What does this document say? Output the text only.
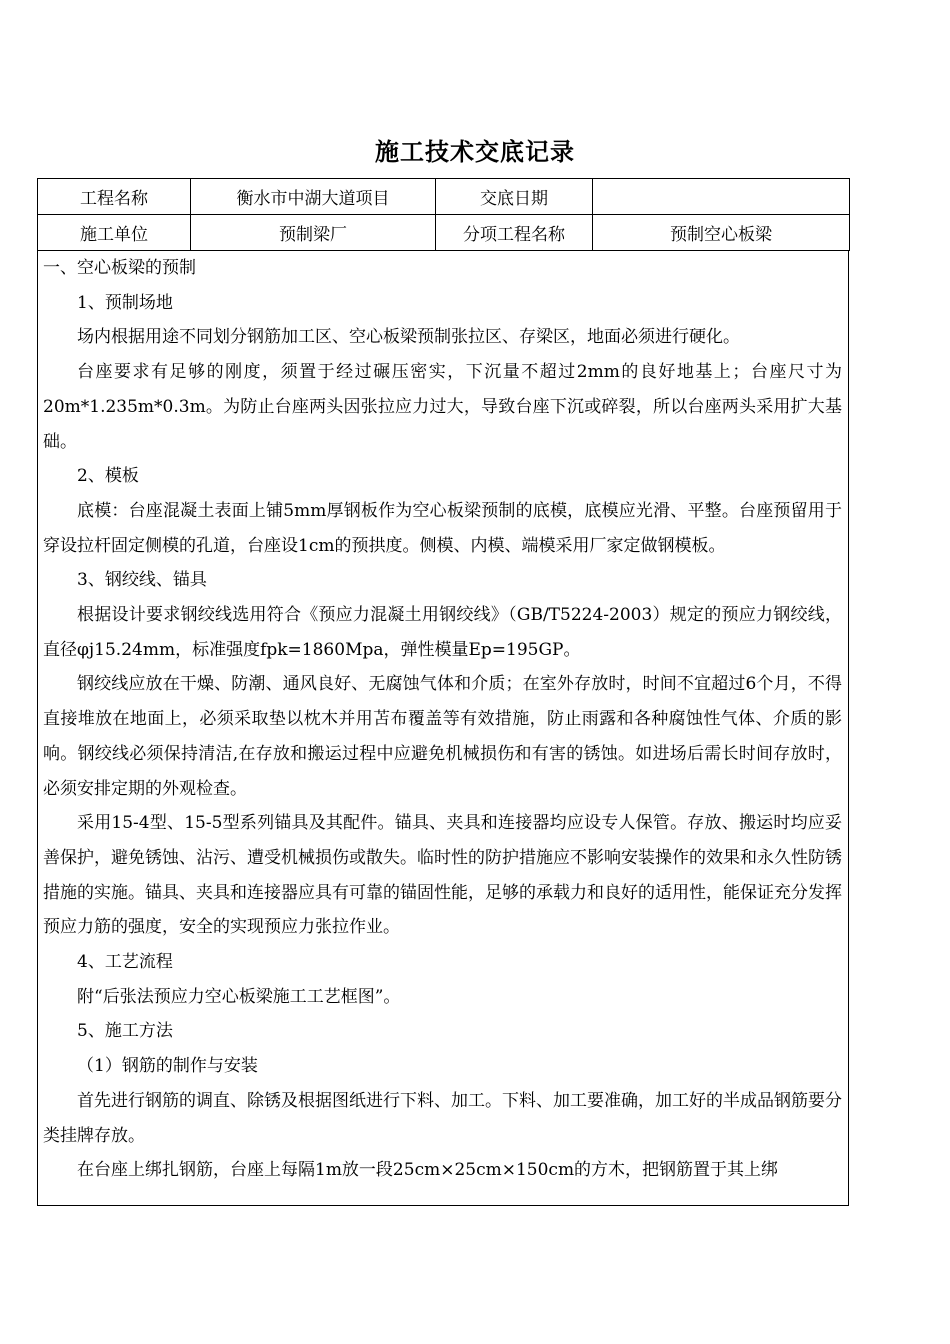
施工技术交底记录
工程名称	衡水市中湖大道项目	交底日期	
施工单位	预制梁厂	分项工程名称	预制空心板梁

一、空心板梁的预制

1、预制场地

场内根据用途不同划分钢筋加工区、空心板梁预制张拉区、存梁区，地面必须进行硬化。

台座要求有足够的刚度，须置于经过碾压密实，下沉量不超过2mm的良好地基上；台座尺寸为20m*1.235m*0.3m。为防止台座两头因张拉应力过大，导致台座下沉或碎裂，所以台座两头采用扩大基础。

2、模板

底模：台座混凝土表面上铺5mm厚钢板作为空心板梁预制的底模，底模应光滑、平整。台座预留用于穿设拉杆固定侧模的孔道，台座设1cm的预拱度。侧模、内模、端模采用厂家定做钢模板。

3、钢绞线、锚具

根据设计要求钢绞线选用符合《预应力混凝土用钢绞线》（GB/T5224-2003）规定的预应力钢绞线，直径φj15.24mm，标准强度fpk=1860Mpa，弹性模量Ep=195GP。

钢绞线应放在干燥、防潮、通风良好、无腐蚀气体和介质；在室外存放时，时间不宜超过6个月，不得直接堆放在地面上，必须采取垫以枕木并用苫布覆盖等有效措施，防止雨露和各种腐蚀性气体、介质的影响。钢绞线必须保持清洁,在存放和搬运过程中应避免机械损伤和有害的锈蚀。如进场后需长时间存放时，必须安排定期的外观检查。

采用15-4型、15-5型系列锚具及其配件。锚具、夹具和连接器均应设专人保管。存放、搬运时均应妥善保护，避免锈蚀、沾污、遭受机械损伤或散失。临时性的防护措施应不影响安装操作的效果和永久性防锈措施的实施。锚具、夹具和连接器应具有可靠的锚固性能，足够的承载力和良好的适用性，能保证充分发挥预应力筋的强度，安全的实现预应力张拉作业。

4、工艺流程

附“后张法预应力空心板梁施工工艺框图”。

5、施工方法

（1）钢筋的制作与安装

首先进行钢筋的调直、除锈及根据图纸进行下料、加工。下料、加工要准确，加工好的半成品钢筋要分类挂牌存放。

在台座上绑扎钢筋，台座上每隔1m放一段25cm×25cm×150cm的方木，把钢筋置于其上绑
